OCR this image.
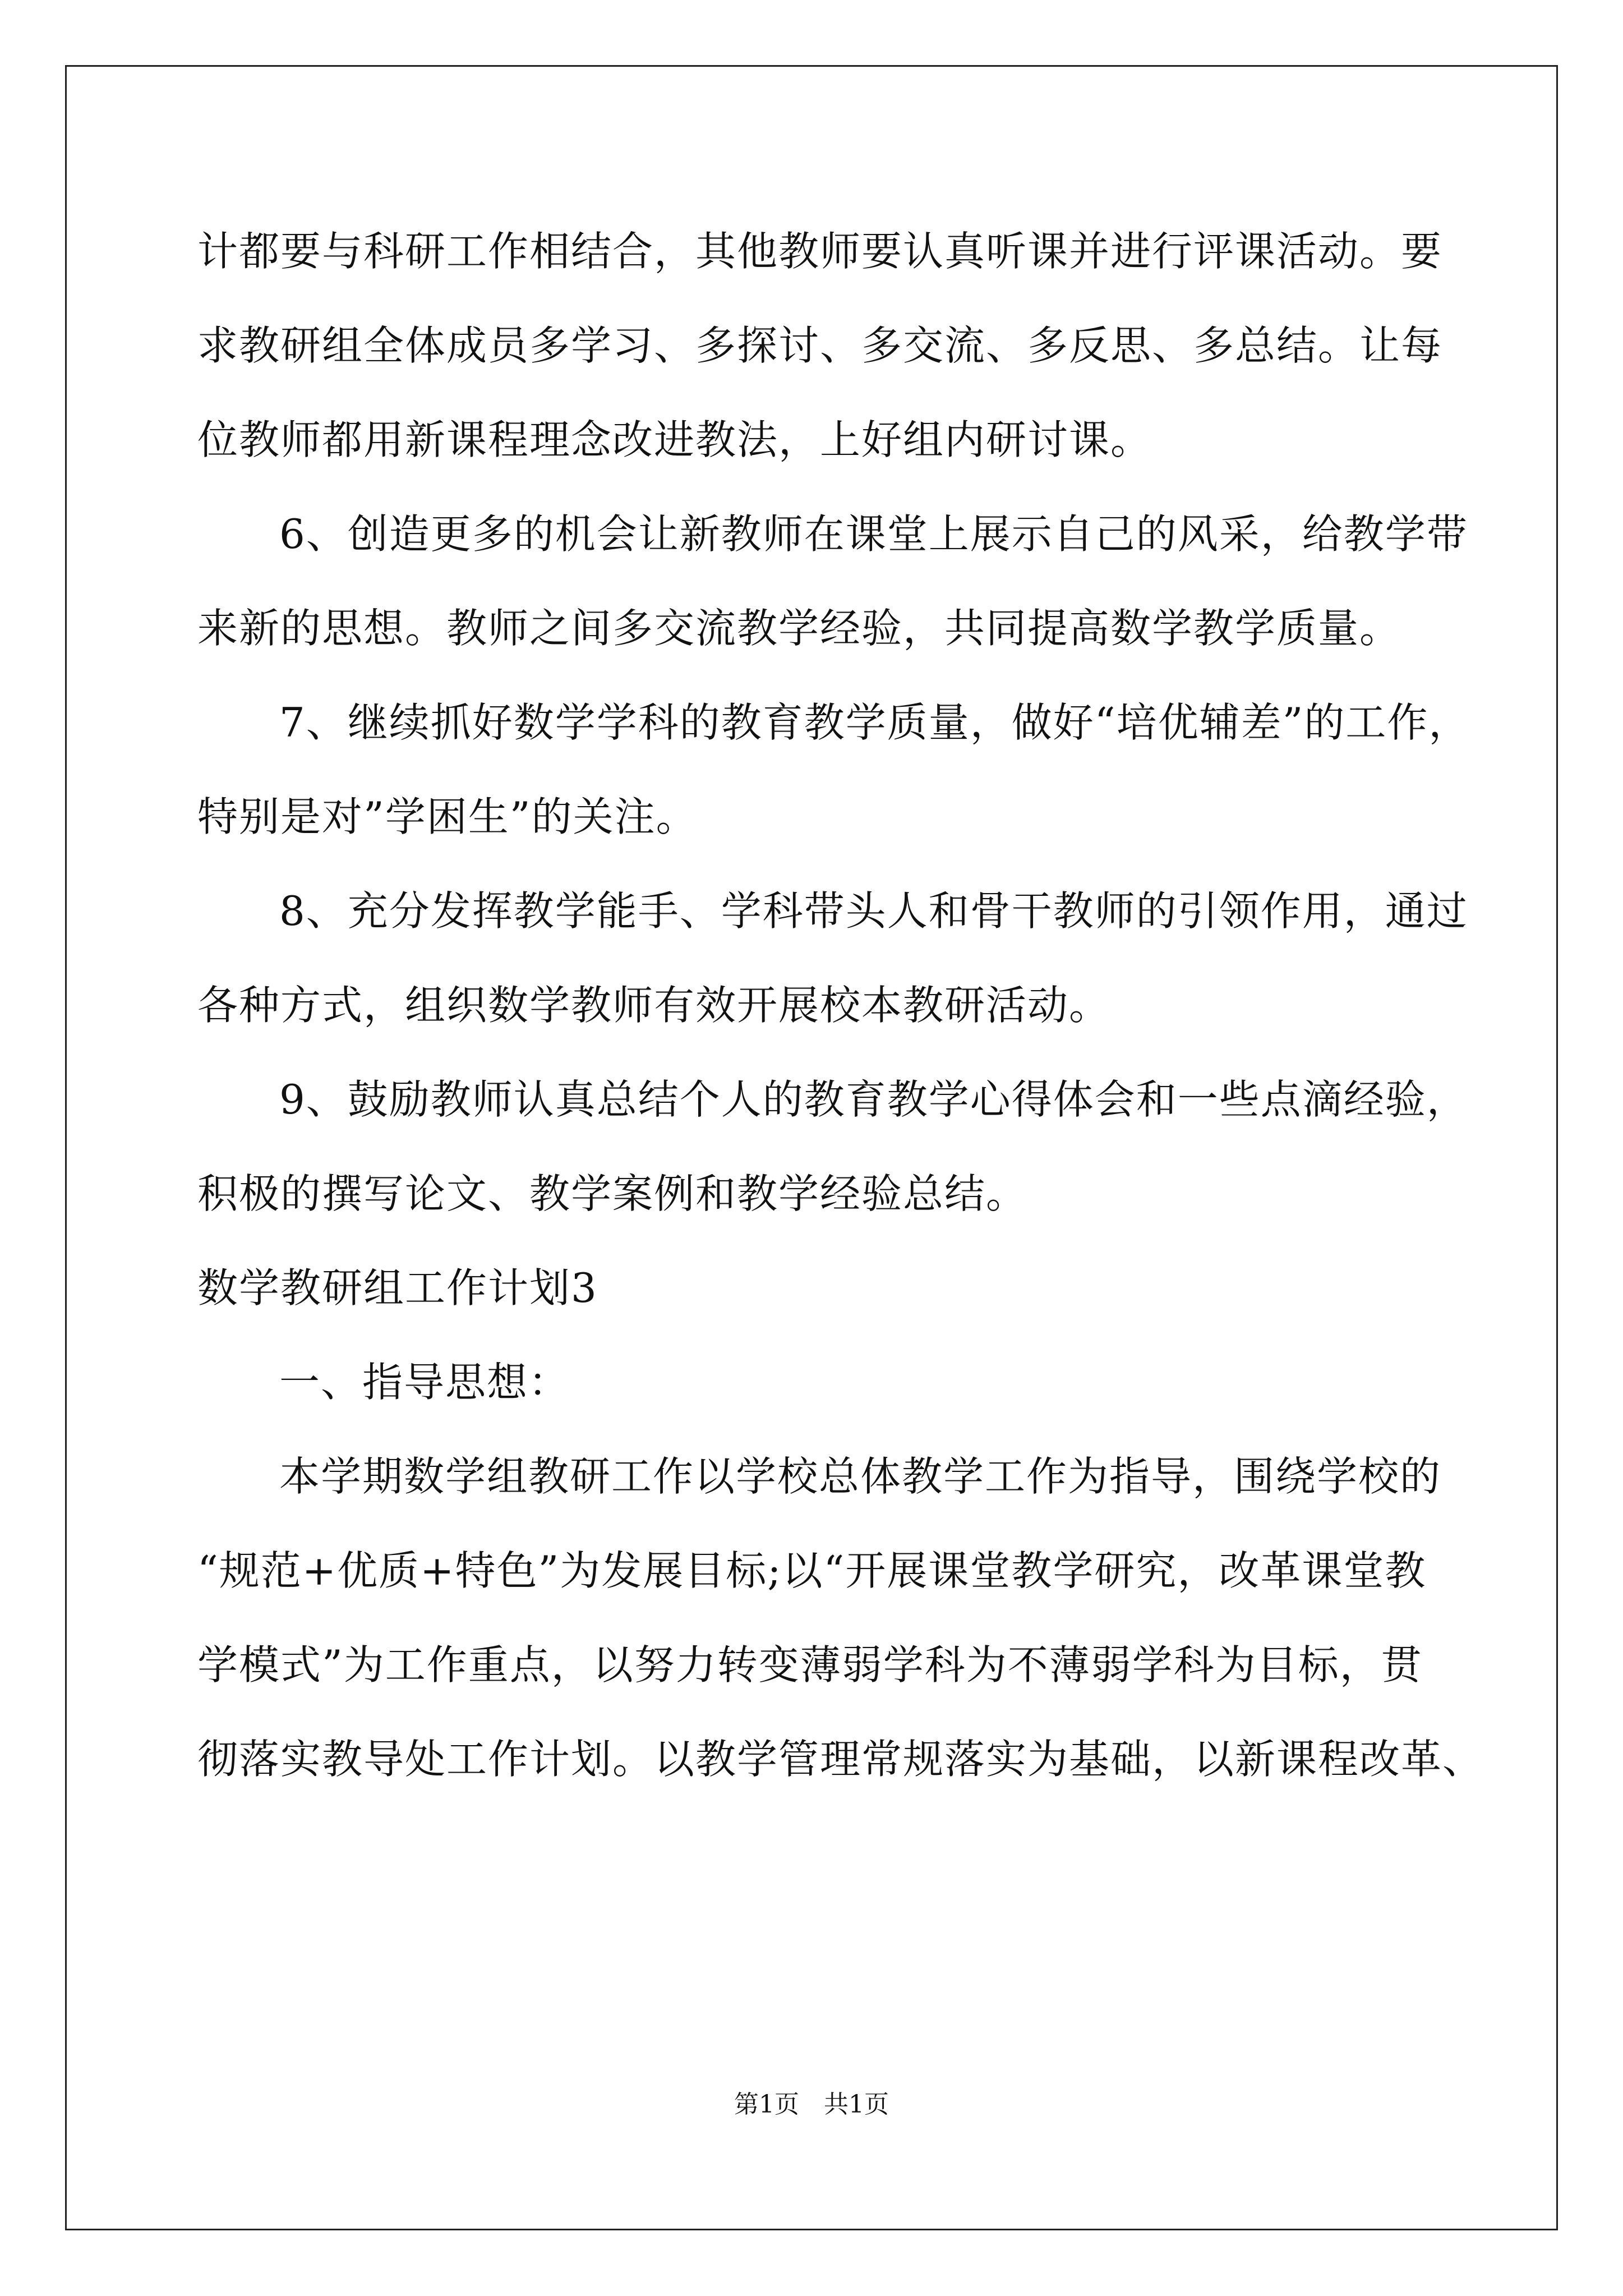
计都要与科研工作相结合，其他教师要认真听课并进行评课活动。要
求教研组全体成员多学习、多探讨、多交流、多反思、多总结。让每
位教师都用新课程理念改进教法，上好组内研讨课。
6、创造更多的机会让新教师在课堂上展示自己的风采，给教学带
来新的思想。教师之间多交流教学经验，共同提高数学教学质量。
7、继续抓好数学学科的教育教学质量，做好“培优辅差”的工作，
特别是对”学困生”的关注。
8、充分发挥教学能手、学科带头人和骨干教师的引领作用，通过
各种方式，组织数学教师有效开展校本教研活动。
9、鼓励教师认真总结个人的教育教学心得体会和一些点滴经验，
积极的撰写论文、教学案例和教学经验总结。
数学教研组工作计划3
一、指导思想：
本学期数学组教研工作以学校总体教学工作为指导，围绕学校的
“规范+优质+特色”为发展目标;以“开展课堂教学研究，改革课堂教
学模式”为工作重点，以努力转变薄弱学科为不薄弱学科为目标，贯
彻落实教导处工作计划。以教学管理常规落实为基础，以新课程改革、
第1页　共1页
